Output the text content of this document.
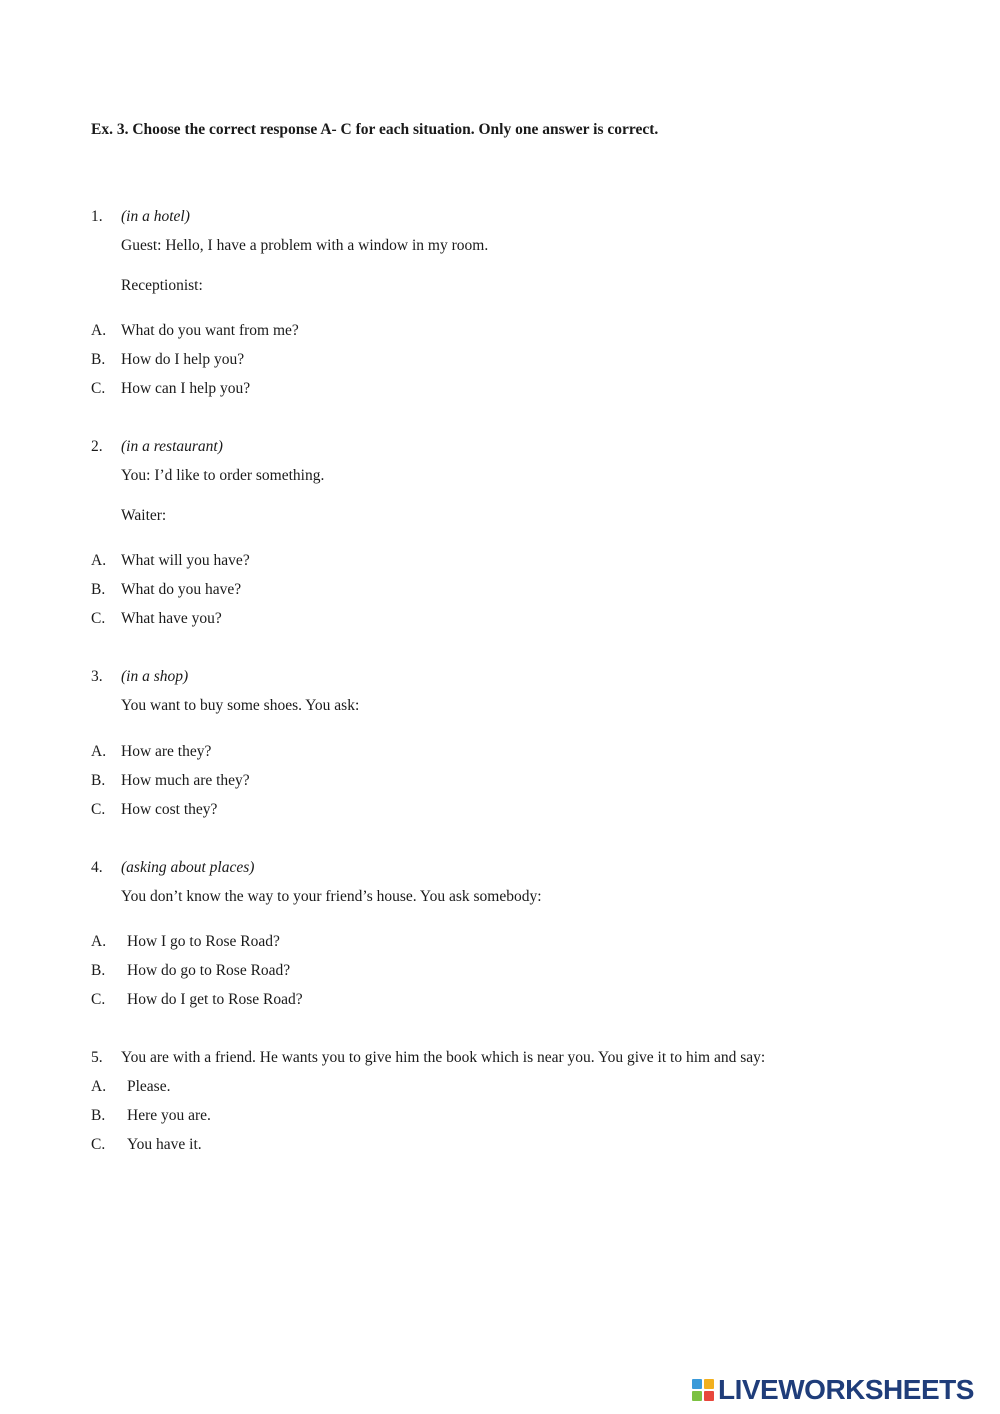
Ex. 3. Choose the correct response A- C for each situation. Only one answer is correct.
1.	(in a hotel)
Guest: Hello, I have a problem with a window in my room.
Receptionist:
A. What do you want from me?
B.	How do I help you?
C.	How can I help you?
2.	(in a restaurant)
You: I’d like to order something.
Waiter:
A. What will you have?
B.	What do you have?
C.	What have you?
3.	(in a shop)
You want to buy some shoes. You ask:
A. How are they?
B.	How much are they?
C.	How cost they?
4.	(asking about places)
You don’t know the way to your friend’s house. You ask somebody:
A.	How I go to Rose Road?
B.	How do go to Rose Road?
C.	How do I get to Rose Road?
5.	You are with a friend. He wants you to give him the book which is near you. You give it to him and say:
A.	Please.
B.	Here you are.
C.	You have it.
LIVEWORKSHEETS
